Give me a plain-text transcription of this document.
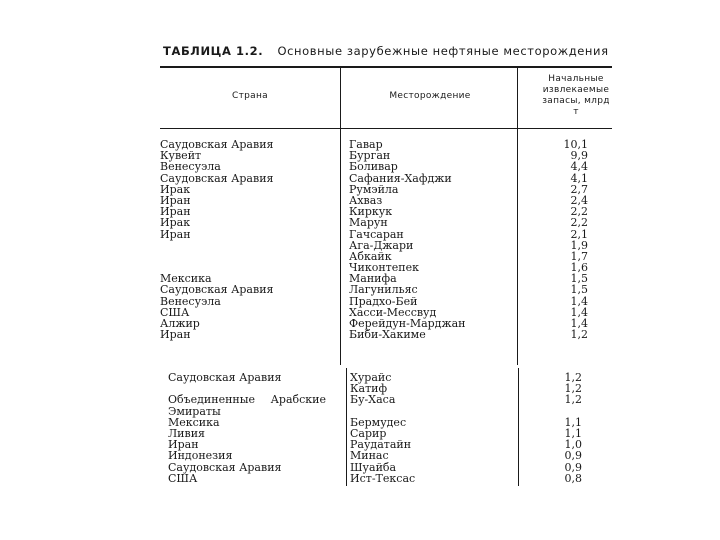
ТАБЛИЦА 1.2. Основные зарубежные нефтяные месторождения
Страна	Месторождение
Начальные извлекаемые запасы, млрд т
Саудовская Аравия
Кувейт
Венесуэла
Саудовская Аравия
Ирак
Иран
Иран
Ирак
Иран
Мексика
Саудовская Аравия
Венесуэла
США
Алжир
Иран
Гавар
Бурган
Боливар
Сафания-Хафджи
Румэйла
Ахваз
Киркук
Марун
Гачсаран
Ага-Джари
Абкайк
Чиконтепек
Манифа
Лагунильяс
Прадхо-Бей
Хасси-Мессвуд
Ферейдун-Марджан
Биби-Хакиме
10,1
9,9
4,4
4,1
2,7
2,4
2,2
2,2
2,1
1,9
1,7
1,6
1,5
1,5
1,4
1,4
1,4
1,2
Саудовская Аравия
Объединенные Арабские Эмираты
Мексика
Ливия
Иран
Индонезия
Саудовская Аравия
США
Хурайс
Катиф
Бу-Хаса
Бермудес
Сарир
Раудатайн
Минас
Шуайба
Ист-Тексас
1,2
1,2
1,2
1,1
1,1
1,0
0,9
0,9
0,8
